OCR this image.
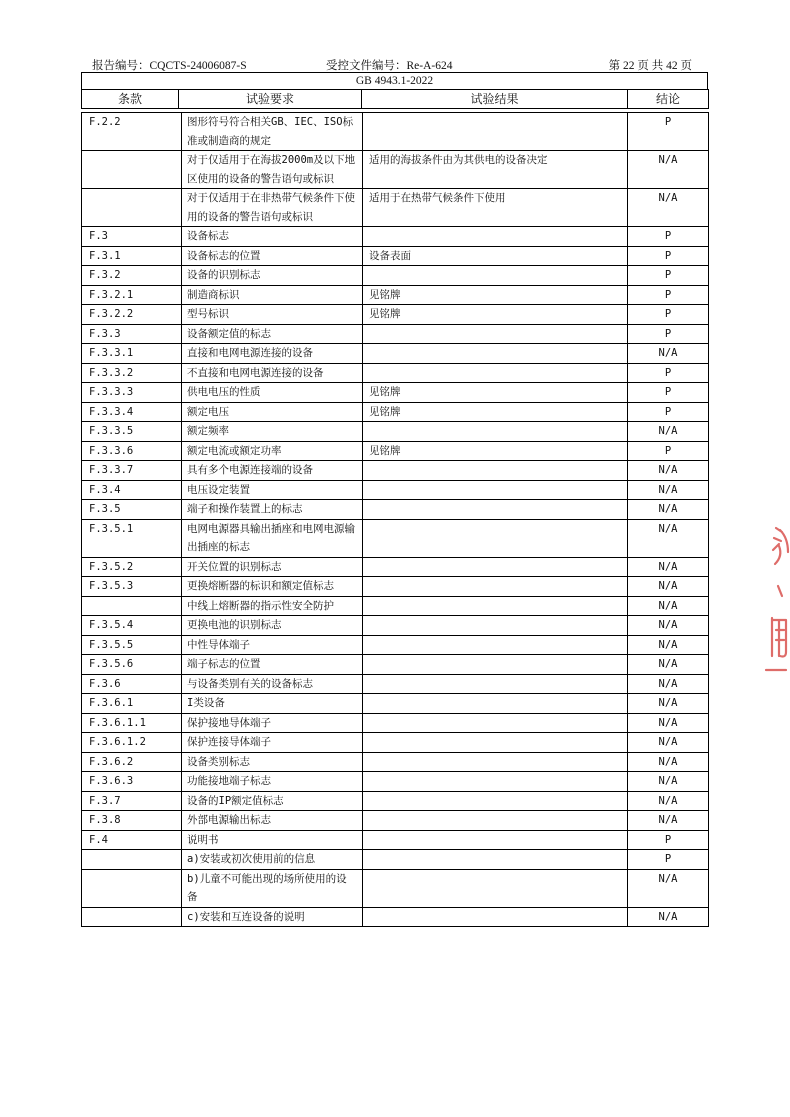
报告编号：CQCTS-24006087-S	受控文件编号：Re-A-624	第 22 页 共 42 页
GB 4943.1-2022
条款	试验要求	试验结果	结论
F.2.2	图形符号符合相关GB、IEC、ISO标准或制造商的规定		P
	对于仅适用于在海拔2000m及以下地区使用的设备的警告语句或标识	适用的海拔条件由为其供电的设备决定	N/A
	对于仅适用于在非热带气候条件下使用的设备的警告语句或标识	适用于在热带气候条件下使用	N/A
F.3	设备标志		P
F.3.1	设备标志的位置	设备表面	P
F.3.2	设备的识别标志		P
F.3.2.1	制造商标识	见铭牌	P
F.3.2.2	型号标识	见铭牌	P
F.3.3	设备额定值的标志		P
F.3.3.1	直接和电网电源连接的设备		N/A
F.3.3.2	不直接和电网电源连接的设备		P
F.3.3.3	供电电压的性质	见铭牌	P
F.3.3.4	额定电压	见铭牌	P
F.3.3.5	额定频率		N/A
F.3.3.6	额定电流或额定功率	见铭牌	P
F.3.3.7	具有多个电源连接端的设备		N/A
F.3.4	电压设定装置		N/A
F.3.5	端子和操作装置上的标志		N/A
F.3.5.1	电网电源器具输出插座和电网电源输出插座的标志		N/A
F.3.5.2	开关位置的识别标志		N/A
F.3.5.3	更换熔断器的标识和额定值标志		N/A
	中线上熔断器的指示性安全防护		N/A
F.3.5.4	更换电池的识别标志		N/A
F.3.5.5	中性导体端子		N/A
F.3.5.6	端子标志的位置		N/A
F.3.6	与设备类别有关的设备标志		N/A
F.3.6.1	I类设备		N/A
F.3.6.1.1	保护接地导体端子		N/A
F.3.6.1.2	保护连接导体端子		N/A
F.3.6.2	设备类别标志		N/A
F.3.6.3	功能接地端子标志		N/A
F.3.7	设备的IP额定值标志		N/A
F.3.8	外部电源输出标志		N/A
F.4	说明书		P
	a)安装或初次使用前的信息		P
	b)儿童不可能出现的场所使用的设备		N/A
	c)安装和互连设备的说明		N/A
